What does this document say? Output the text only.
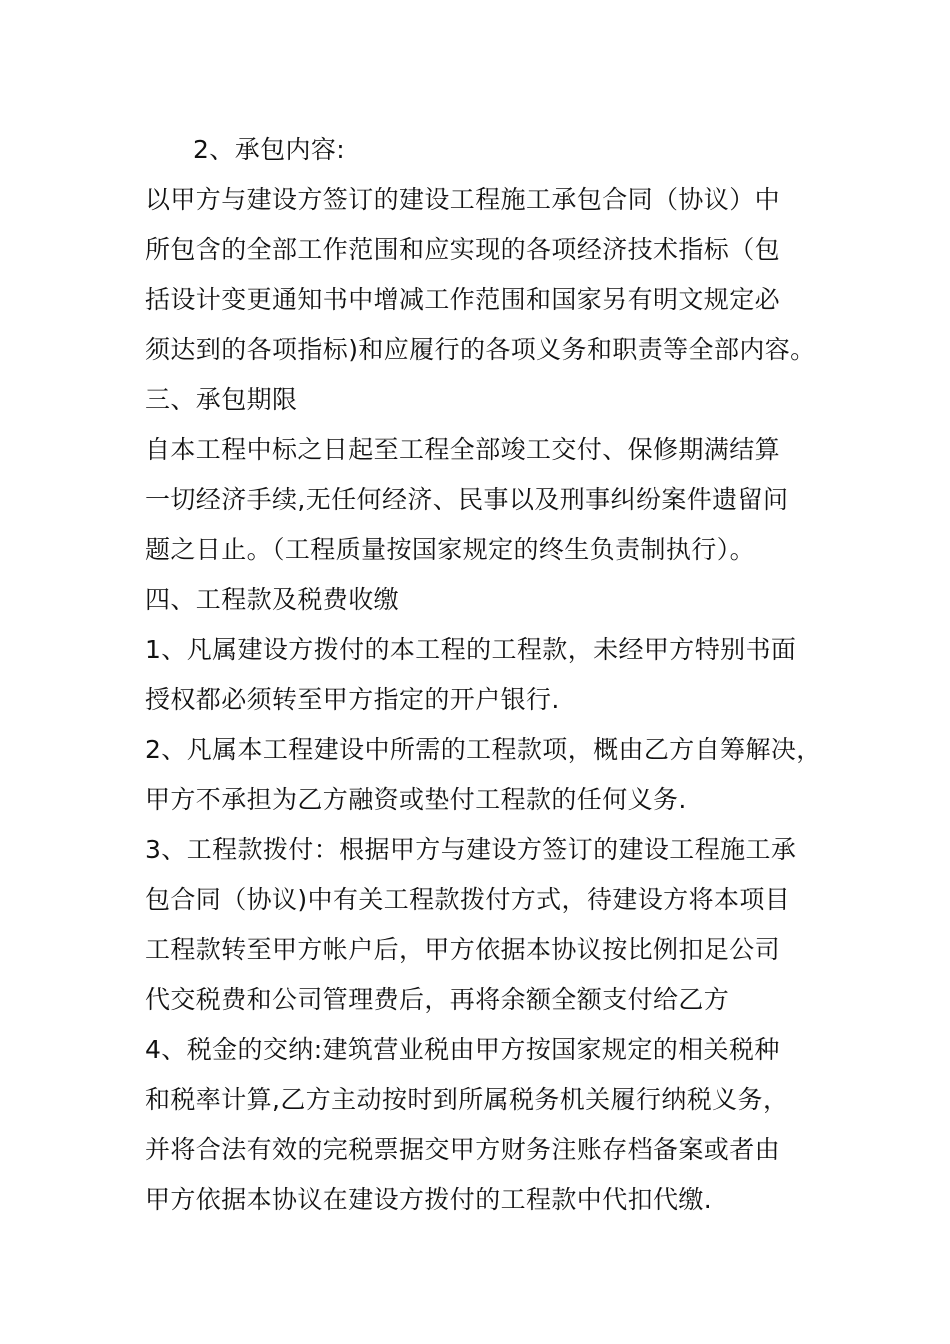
2、承包内容:
以甲方与建设方签订的建设工程施工承包合同（协议）中
所包含的全部工作范围和应实现的各项经济技术指标（包
括设计变更通知书中增减工作范围和国家另有明文规定必
须达到的各项指标)和应履行的各项义务和职责等全部内容。
三、承包期限
自本工程中标之日起至工程全部竣工交付、保修期满结算
一切经济手续,无任何经济、民事以及刑事纠纷案件遗留问
题之日止。（工程质量按国家规定的终生负责制执行）。
四、工程款及税费收缴
1、凡属建设方拨付的本工程的工程款，未经甲方特别书面
授权都必须转至甲方指定的开户银行.
2、凡属本工程建设中所需的工程款项，概由乙方自筹解决，
甲方不承担为乙方融资或垫付工程款的任何义务.
3、工程款拨付：根据甲方与建设方签订的建设工程施工承
包合同（协议)中有关工程款拨付方式，待建设方将本项目
工程款转至甲方帐户后，甲方依据本协议按比例扣足公司
代交税费和公司管理费后，再将余额全额支付给乙方
4、税金的交纳:建筑营业税由甲方按国家规定的相关税种
和税率计算,乙方主动按时到所属税务机关履行纳税义务，
并将合法有效的完税票据交甲方财务注账存档备案或者由
甲方依据本协议在建设方拨付的工程款中代扣代缴.
